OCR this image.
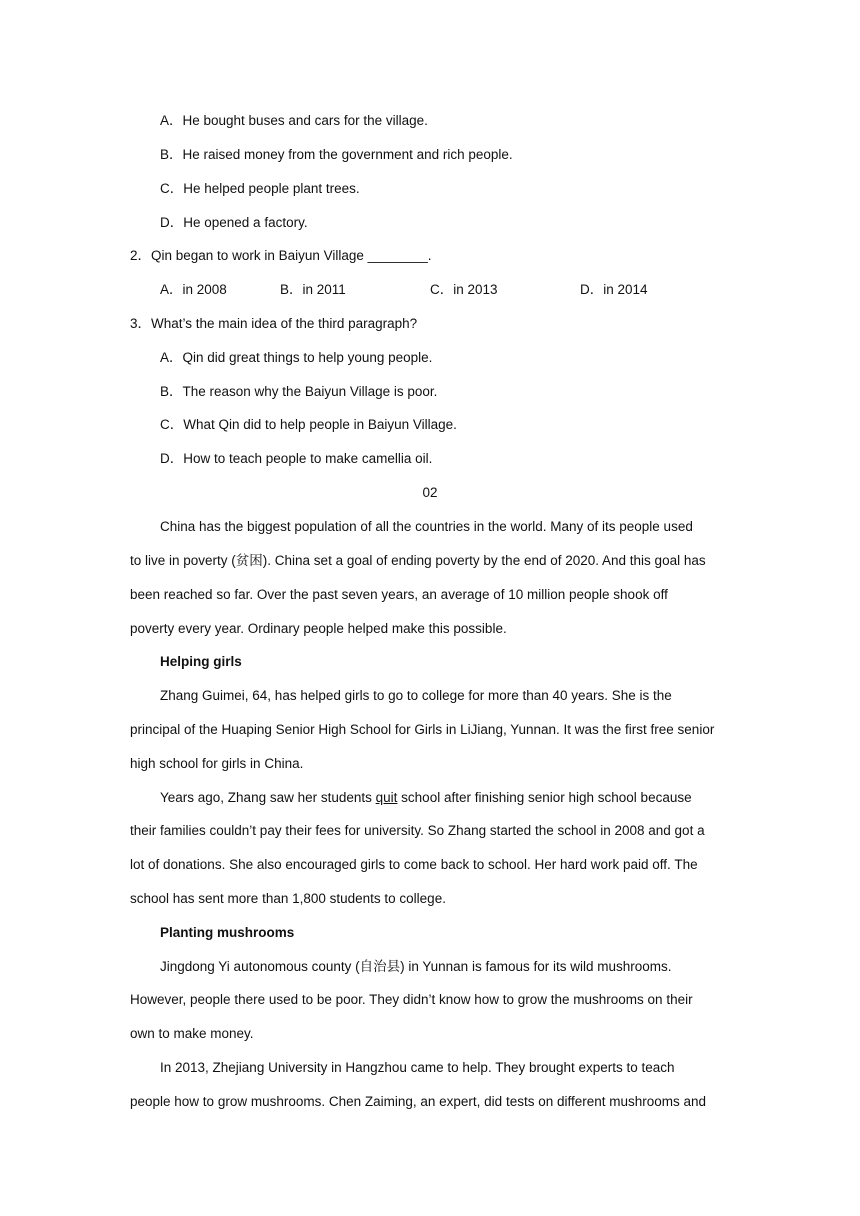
A．He bought buses and cars for the village.
B．He raised money from the government and rich people.
C．He helped people plant trees.
D．He opened a factory.
2．Qin began to work in Baiyun Village ________.
A．in 2008	B．in 2011	C．in 2013	D．in 2014
3．What’s the main idea of the third paragraph?
A．Qin did great things to help young people.
B．The reason why the Baiyun Village is poor.
C．What Qin did to help people in Baiyun Village.
D．How to teach people to make camellia oil.
02
China has the biggest population of all the countries in the world. Many of its people used
to live in poverty (贫困). China set a goal of ending poverty by the end of 2020. And this goal has
been reached so far. Over the past seven years, an average of 10 million people shook off
poverty every year. Ordinary people helped make this possible.
Helping girls
Zhang Guimei, 64, has helped girls to go to college for more than 40 years. She is the
principal of the Huaping Senior High School for Girls in LiJiang, Yunnan. It was the first free senior
high school for girls in China.
Years ago, Zhang saw her students quit school after finishing senior high school because
their families couldn’t pay their fees for university. So Zhang started the school in 2008 and got a
lot of donations. She also encouraged girls to come back to school. Her hard work paid off. The
school has sent more than 1,800 students to college.
Planting mushrooms
Jingdong Yi autonomous county (自治县) in Yunnan is famous for its wild mushrooms.
However, people there used to be poor. They didn’t know how to grow the mushrooms on their
own to make money.
In 2013, Zhejiang University in Hangzhou came to help. They brought experts to teach
people how to grow mushrooms. Chen Zaiming, an expert, did tests on different mushrooms and
